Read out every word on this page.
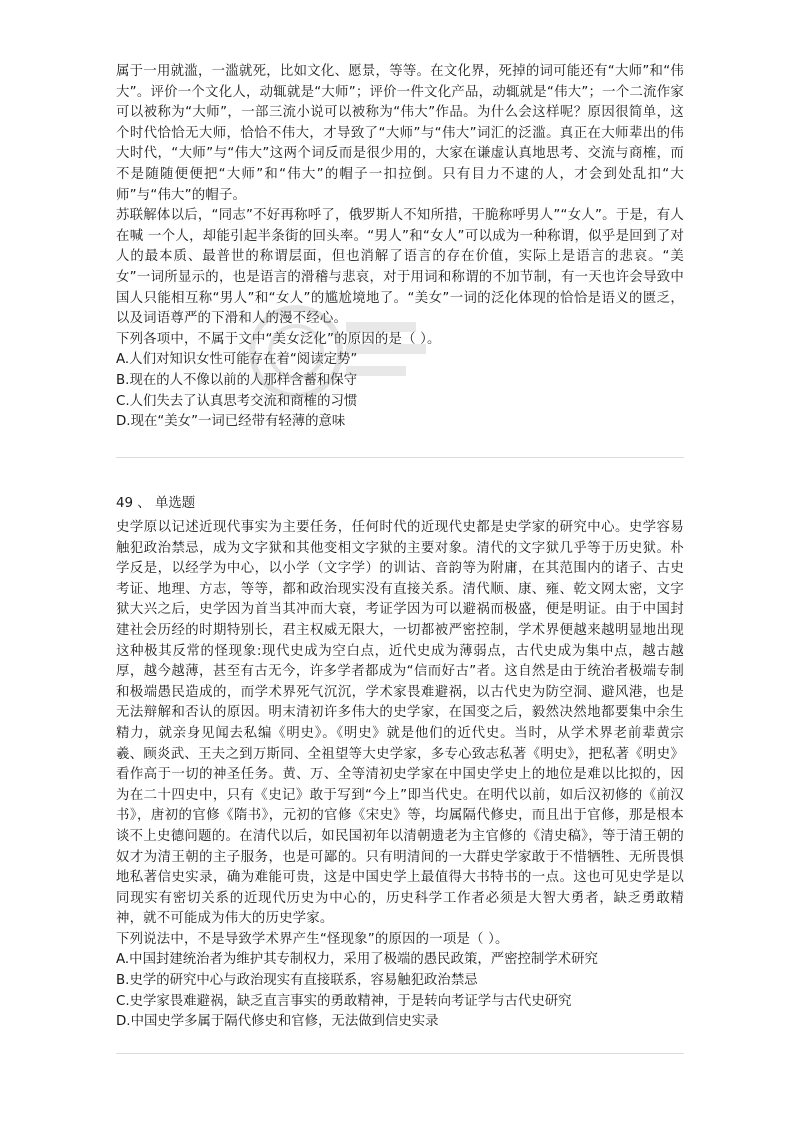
属于一用就滥，一滥就死，比如文化、愿景，等等。在文化界，死掉的词可能还有“大师”和“伟大”。评价一个文化人，动辄就是“大师”；评价一件文化产品，动辄就是“伟大”；一个二流作家可以被称为“大师”，一部三流小说可以被称为“伟大”作品。为什么会这样呢？原因很简单，这个时代恰恰无大师，恰恰不伟大，才导致了“大师”与“伟大”词汇的泛滥。真正在大师辈出的伟大时代，“大师”与“伟大”这两个词反而是很少用的，大家在谦虚认真地思考、交流与商榷，而不是随随便便把“大师”和“伟大”的帽子一扣拉倒。只有目力不逮的人，才会到处乱扣“大师”与“伟大”的帽子。

苏联解体以后，“同志”不好再称呼了，俄罗斯人不知所措，干脆称呼男人”“女人”。于是，有人在喊 一个人，却能引起半条街的回头率。“男人”和“女人”可以成为一种称谓，似乎是回到了对人的最本质、最普世的称谓层面，但也消解了语言的存在价值，实际上是语言的悲哀。“美女”一词所显示的，也是语言的滑稽与悲哀，对于用词和称谓的不加节制，有一天也许会导致中国人只能相互称“男人”和“女人”的尴尬境地了。“美女”一词的泛化体现的恰恰是语义的匮乏，以及词语尊严的下滑和人的漫不经心。

下列各项中，不属于文中“美女泛化”的原因的是（ ）。

A.人们对知识女性可能存在着“阅读定势”

B.现在的人不像以前的人那样含蓄和保守

C.人们失去了认真思考交流和商榷的习惯

D.现在“美女”一词已经带有轻薄的意味

49 、 单选题

史学原以记述近现代事实为主要任务，任何时代的近现代史都是史学家的研究中心。史学容易触犯政治禁忌，成为文字狱和其他变相文字狱的主要对象。清代的文字狱几乎等于历史狱。朴学反是，以经学为中心，以小学（文字学）的训诂、音韵等为附庸，在其范围内的诸子、古史考证、地理、方志，等等，都和政治现实没有直接关系。清代顺、康、雍、乾文网太密，文字狱大兴之后，史学因为首当其冲而大衰，考证学因为可以避祸而极盛，便是明证。由于中国封建社会历经的时期特别长，君主权威无限大，一切都被严密控制，学术界便越来越明显地出现这种极其反常的怪现象:现代史成为空白点，近代史成为薄弱点，古代史成为集中点，越古越厚，越今越薄，甚至有古无今，许多学者都成为“信而好古”者。这自然是由于统治者极端专制和极端愚民造成的，而学术界死气沉沉，学术家畏难避祸，以古代史为防空洞、避风港，也是无法辩解和否认的原因。明末清初许多伟大的史学家，在国变之后，毅然决然地都要集中余生精力，就亲身见闻去私编《明史》。《明史》就是他们的近代史。当时，从学术界老前辈黄宗羲、顾炎武、王夫之到万斯同、全祖望等大史学家，多专心致志私著《明史》，把私著《明史》看作高于一切的神圣任务。黄、万、全等清初史学家在中国史学史上的地位是难以比拟的，因为在二十四史中，只有《史记》敢于写到“今上”即当代史。在明代以前，如后汉初修的《前汉书》，唐初的官修《隋书》，元初的官修《宋史》等，均属隔代修史，而且出于官修，那是根本谈不上史德问题的。在清代以后，如民国初年以清朝遗老为主官修的《清史稿》，等于清王朝的奴才为清王朝的主子服务，也是可鄙的。只有明清间的一大群史学家敢于不惜牺牲、无所畏惧地私著信史实录，确为难能可贵，这是中国史学上最值得大书特书的一点。这也可见史学是以同现实有密切关系的近现代历史为中心的，历史科学工作者必须是大智大勇者，缺乏勇敢精神，就不可能成为伟大的历史学家。

下列说法中，不是导致学术界产生“怪现象”的原因的一项是（ ）。

A.中国封建统治者为维护其专制权力，采用了极端的愚民政策，严密控制学术研究

B.史学的研究中心与政治现实有直接联系，容易触犯政治禁忌

C.史学家畏难避祸，缺乏直言事实的勇敢精神，于是转向考证学与古代史研究

D.中国史学多属于隔代修史和官修，无法做到信史实录
